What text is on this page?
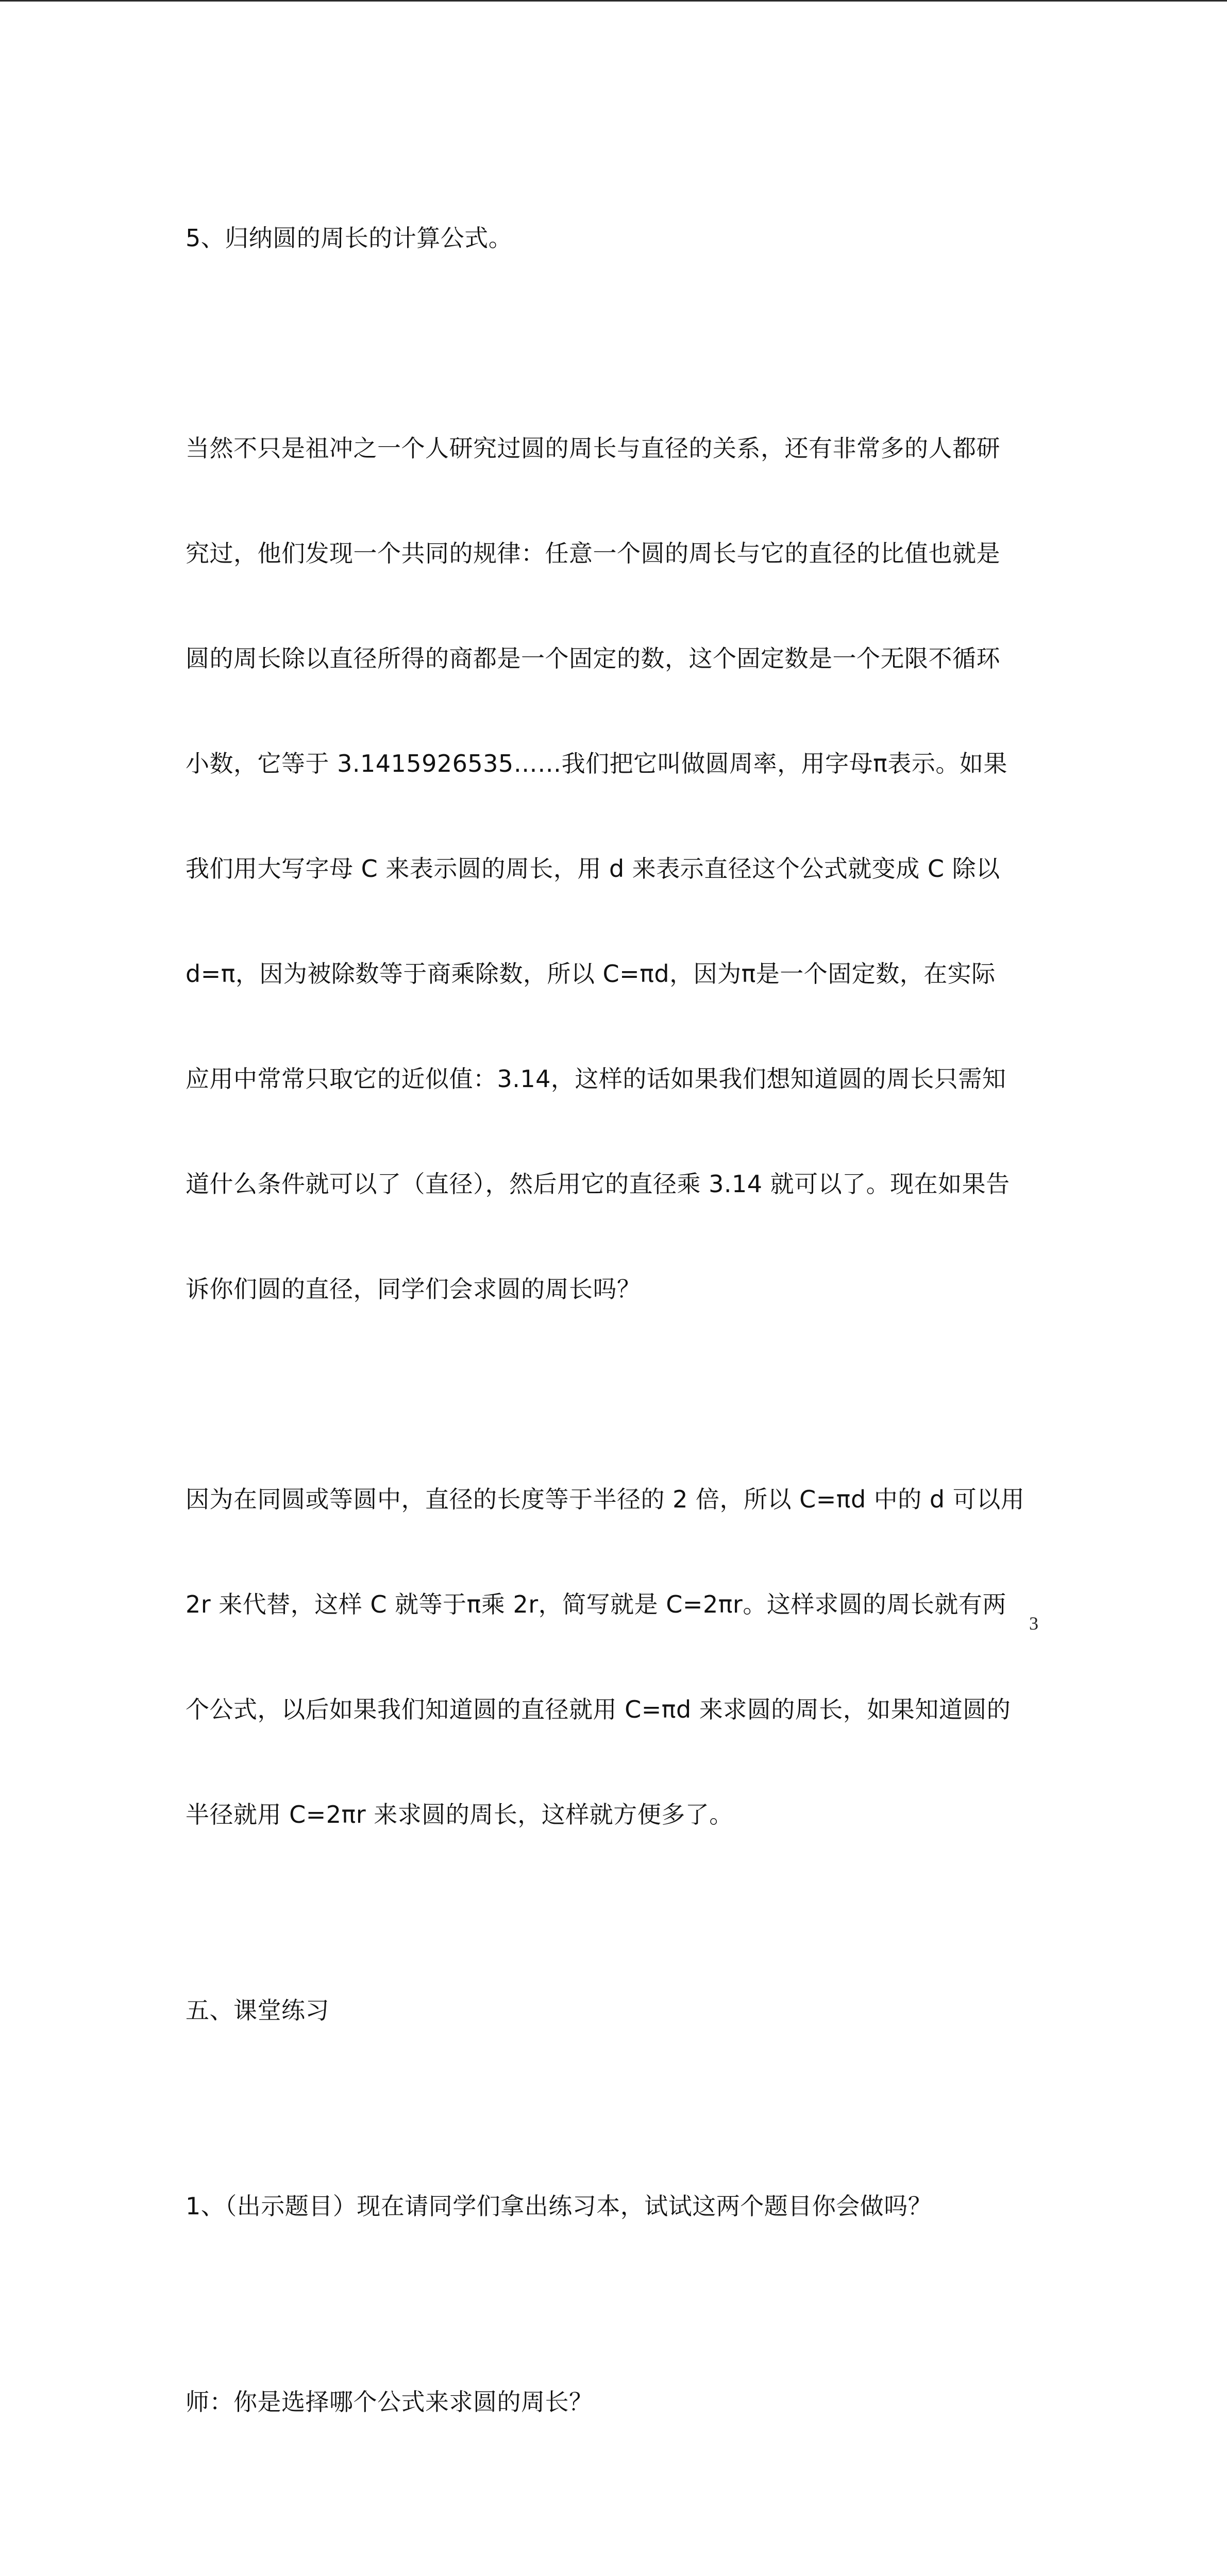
5、归纳圆的周长的计算公式。

当然不只是祖冲之一个人研究过圆的周长与直径的关系，还有非常多的人都研

究过，他们发现一个共同的规律：任意一个圆的周长与它的直径的比值也就是

圆的周长除以直径所得的商都是一个固定的数，这个固定数是一个无限不循环

小数，它等于 3.1415926535……我们把它叫做圆周率，用字母π表示。如果

我们用大写字母 C 来表示圆的周长，用 d 来表示直径这个公式就变成 C 除以

d=π，因为被除数等于商乘除数，所以 C=πd，因为π是一个固定数，在实际

应用中常常只取它的近似值：3.14，这样的话如果我们想知道圆的周长只需知

道什么条件就可以了（直径），然后用它的直径乘 3.14 就可以了。现在如果告

诉你们圆的直径，同学们会求圆的周长吗？

因为在同圆或等圆中，直径的长度等于半径的 2 倍，所以 C=πd 中的 d 可以用

2r 来代替，这样 C 就等于π乘 2r，简写就是 C=2πr。这样求圆的周长就有两

个公式，以后如果我们知道圆的直径就用 C=πd 来求圆的周长，如果知道圆的

半径就用 C=2πr 来求圆的周长，这样就方便多了。

五、课堂练习

1、（出示题目）现在请同学们拿出练习本，试试这两个题目你会做吗？

师：你是选择哪个公式来求圆的周长？

3
